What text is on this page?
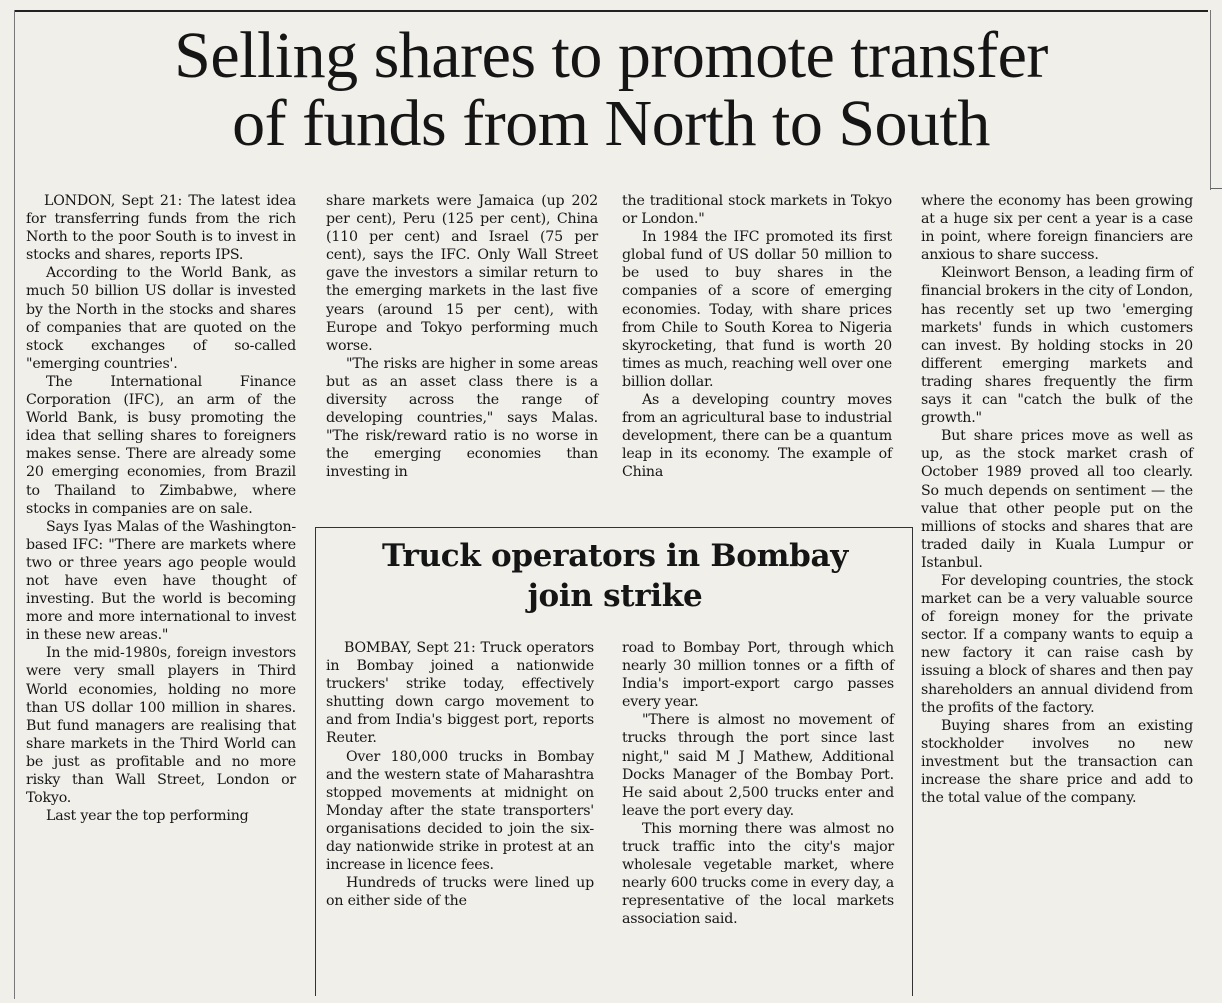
Selling shares to promote transfer
of funds from North to South

LONDON, Sept 21: The latest idea for transferring funds from the rich North to the poor South is to invest in stocks and shares, reports IPS.

According to the World Bank, as much 50 billion US dollar is invested by the North in the stocks and shares of companies that are quoted on the stock exchanges of so-called "emerging countries'.

The International Finance Corporation (IFC), an arm of the World Bank, is busy promoting the idea that selling shares to foreigners makes sense. There are already some 20 emerging economies, from Brazil to Thailand to Zimbabwe, where stocks in companies are on sale.

Says Iyas Malas of the Washington-based IFC: "There are markets where two or three years ago people would not have even have thought of investing. But the world is becoming more and more international to invest in these new areas."

In the mid-1980s, foreign investors were very small players in Third World economies, holding no more than US dollar 100 million in shares. But fund managers are realising that share markets in the Third World can be just as profitable and no more risky than Wall Street, London or Tokyo.

Last year the top performing

share markets were Jamaica (up 202 per cent), Peru (125 per cent), China (110 per cent) and Israel (75 per cent), says the IFC. Only Wall Street gave the investors a similar return to the emerging markets in the last five years (around 15 per cent), with Europe and Tokyo performing much worse.

"The risks are higher in some areas but as an asset class there is a diversity across the range of developing countries," says Malas. "The risk/reward ratio is no worse in the emerging economies than investing in

the traditional stock markets in Tokyo or London."

In 1984 the IFC promoted its first global fund of US dollar 50 million to be used to buy shares in the companies of a score of emerging economies. Today, with share prices from Chile to South Korea to Nigeria skyrocketing, that fund is worth 20 times as much, reaching well over one billion dollar.

As a developing country moves from an agricultural base to industrial development, there can be a quantum leap in its economy. The example of China

where the economy has been growing at a huge six per cent a year is a case in point, where foreign financiers are anxious to share success.

Kleinwort Benson, a leading firm of financial brokers in the city of London, has recently set up two 'emerging markets' funds in which customers can invest. By holding stocks in 20 different emerging markets and trading shares frequently the firm says it can "catch the bulk of the growth."

But share prices move as well as up, as the stock market crash of October 1989 proved all too clearly. So much depends on sentiment — the value that other people put on the millions of stocks and shares that are traded daily in Kuala Lumpur or Istanbul.

For developing countries, the stock market can be a very valuable source of foreign money for the private sector. If a company wants to equip a new factory it can raise cash by issuing a block of shares and then pay shareholders an annual dividend from the profits of the factory.

Buying shares from an existing stockholder involves no new investment but the transaction can increase the share price and add to the total value of the company.

Truck operators in Bombay
join strike

BOMBAY, Sept 21: Truck operators in Bombay joined a nationwide truckers' strike today, effectively shutting down cargo movement to and from India's biggest port, reports Reuter.

Over 180,000 trucks in Bombay and the western state of Maharashtra stopped movements at midnight on Monday after the state transporters' organisations decided to join the six-day nationwide strike in protest at an increase in licence fees.

Hundreds of trucks were lined up on either side of the

road to Bombay Port, through which nearly 30 million tonnes or a fifth of India's import-export cargo passes every year.

"There is almost no movement of trucks through the port since last night," said M J Mathew, Additional Docks Manager of the Bombay Port. He said about 2,500 trucks enter and leave the port every day.

This morning there was almost no truck traffic into the city's major wholesale vegetable market, where nearly 600 trucks come in every day, a representative of the local markets association said.
